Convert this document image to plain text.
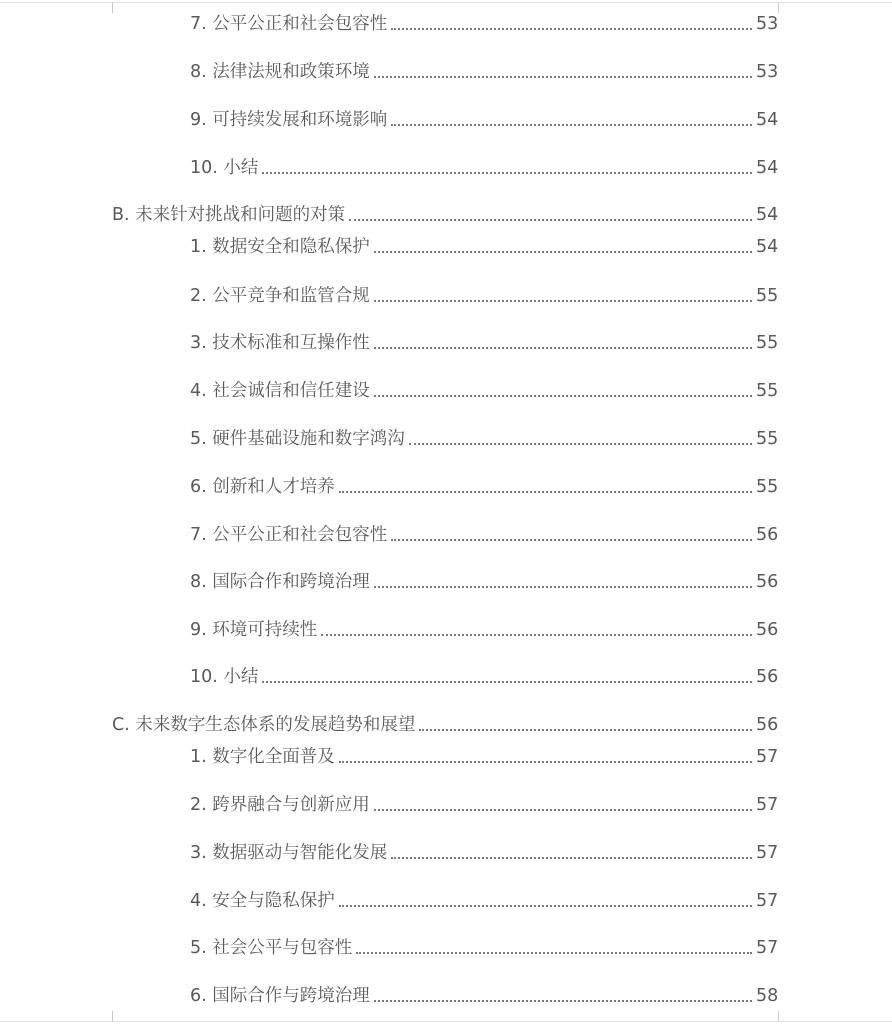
7. 公平公正和社会包容性	53
8. 法律法规和政策环境	53
9. 可持续发展和环境影响	54
10. 小结	54
B. 未来针对挑战和问题的对策	54
1. 数据安全和隐私保护	54
2. 公平竞争和监管合规	55
3. 技术标准和互操作性	55
4. 社会诚信和信任建设	55
5. 硬件基础设施和数字鸿沟	55
6. 创新和人才培养	55
7. 公平公正和社会包容性	56
8. 国际合作和跨境治理	56
9. 环境可持续性	56
10. 小结	56
C. 未来数字生态体系的发展趋势和展望	56
1. 数字化全面普及	57
2. 跨界融合与创新应用	57
3. 数据驱动与智能化发展	57
4. 安全与隐私保护	57
5. 社会公平与包容性	57
6. 国际合作与跨境治理	58
